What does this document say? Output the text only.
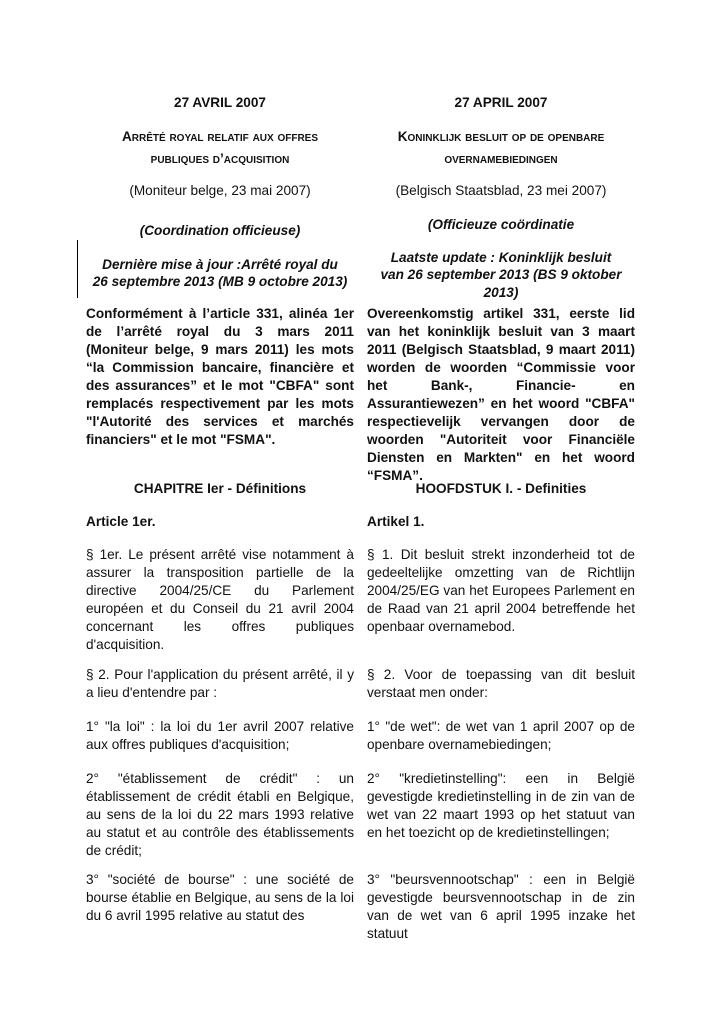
27 AVRIL 2007

Arrêté royal relatif aux offres

publiques d’acquisition

(Moniteur belge, 23 mai 2007)

(Coordination officieuse)

Dernière mise à jour :Arrêté royal du

26 septembre 2013 (MB 9 octobre 2013)

Conformément à l’article 331, alinéa 1er de l’arrêté royal du 3 mars 2011 (Moniteur belge, 9 mars 2011) les mots “la Commission bancaire, financière et des assurances” et le mot "CBFA" sont remplacés respectivement par les mots "l'Autorité des services et marchés financiers" et le mot "FSMA".

CHAPITRE Ier - Définitions

Article 1er.

§ 1er. Le présent arrêté vise notamment à assurer la transposition partielle de la directive 2004/25/CE du Parlement européen et du Conseil du 21 avril 2004 concernant les offres publiques d'acquisition.

§ 2. Pour l'application du présent arrêté, il y a lieu d'entendre par :

1° "la loi" : la loi du 1er avril 2007 relative aux offres publiques d'acquisition;

2° "établissement de crédit" : un établissement de crédit établi en Belgique, au sens de la loi du 22 mars 1993 relative au statut et au contrôle des établissements de crédit;

3° "société de bourse" : une société de bourse établie en Belgique, au sens de la loi du 6 avril 1995 relative au statut des

27 APRIL 2007

Koninklijk besluit op de openbare

overnamebiedingen

(Belgisch Staatsblad, 23 mei 2007)

(Officieuze coördinatie

Laatste update : Koninklijk besluit

van 26 september 2013 (BS 9 oktober 2013)

Overeenkomstig artikel 331, eerste lid van het koninklijk besluit van 3 maart 2011 (Belgisch Staatsblad, 9 maart 2011) worden de woorden “Commissie voor het Bank-, Financie- en Assurantiewezen” en het woord "CBFA" respectievelijk vervangen door de woorden "Autoriteit voor Financiële Diensten en Markten" en het woord “FSMA”.

HOOFDSTUK I. - Definities

Artikel 1.

§ 1. Dit besluit strekt inzonderheid tot de gedeeltelijke omzetting van de Richtlijn 2004/25/EG van het Europees Parlement en de Raad van 21 april 2004 betreffende het openbaar overnamebod.

§ 2. Voor de toepassing van dit besluit verstaat men onder:

1° "de wet": de wet van 1 april 2007 op de openbare overnamebiedingen;

2° "kredietinstelling": een in België gevestigde kredietinstelling in de zin van de wet van 22 maart 1993 op het statuut van en het toezicht op de kredietinstellingen;

3° "beursvennootschap" : een in België gevestigde beursvennootschap in de zin van de wet van 6 april 1995 inzake het statuut
